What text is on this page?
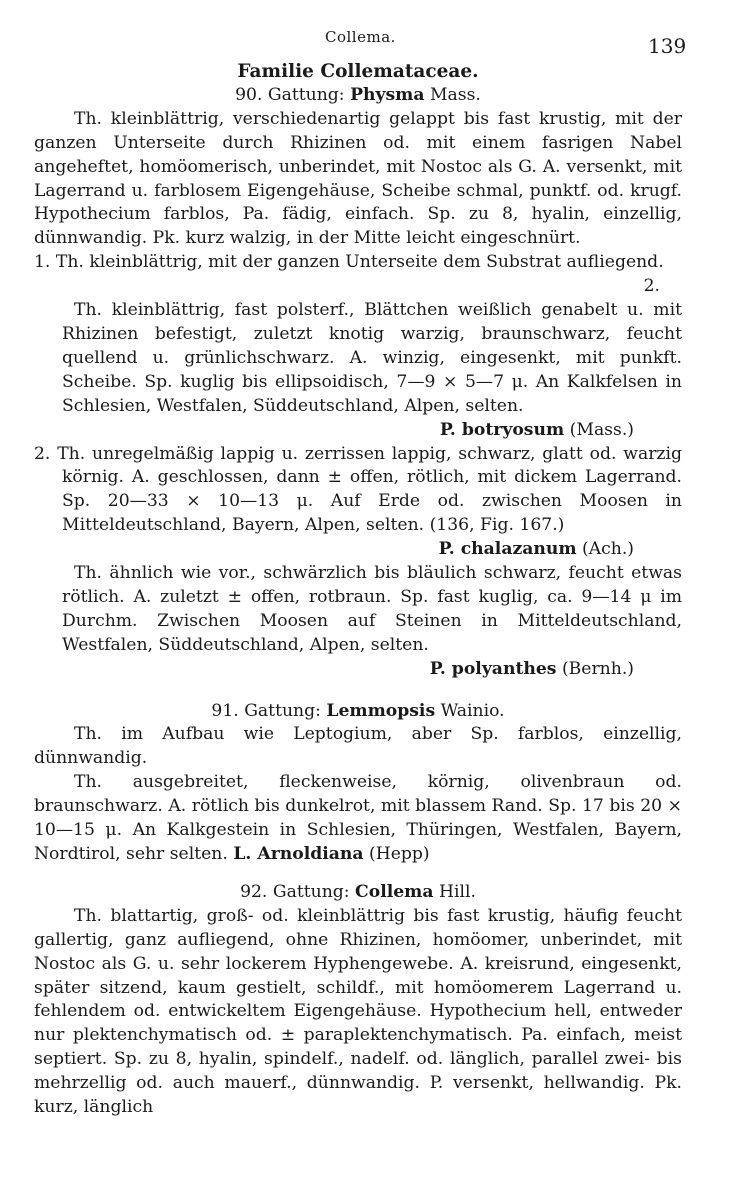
Collema.	139

Familie Collemataceae.

90. Gattung: Physma Mass.

Th. kleinblättrig, verschiedenartig gelappt bis fast krustig, mit der ganzen Unterseite durch Rhizinen od. mit einem fasrigen Nabel angeheftet, homöomerisch, unberindet, mit Nostoc als G. A. versenkt, mit Lagerrand u. farblosem Eigengehäuse, Scheibe schmal, punktf. od. krugf. Hypothecium farblos, Pa. fädig, einfach. Sp. zu 8, hyalin, einzellig, dünnwandig. Pk. kurz walzig, in der Mitte leicht eingeschnürt.

1. Th. kleinblättrig, mit der ganzen Unterseite dem Substrat aufliegend.

2.

Th. kleinblättrig, fast polsterf., Blättchen weißlich genabelt u. mit Rhizinen befestigt, zuletzt knotig warzig, braunschwarz, feucht quellend u. grünlichschwarz. A. winzig, eingesenkt, mit punkft. Scheibe. Sp. kuglig bis ellipsoidisch, 7—9 × 5—7 μ. An Kalkfelsen in Schlesien, Westfalen, Süddeutschland, Alpen, selten.

P. botryosum (Mass.)

2. Th. unregelmäßig lappig u. zerrissen lappig, schwarz, glatt od. warzig körnig. A. geschlossen, dann ± offen, rötlich, mit dickem Lagerrand. Sp. 20—33 × 10—13 μ. Auf Erde od. zwischen Moosen in Mitteldeutschland, Bayern, Alpen, selten. (136, Fig. 167.)

P. chalazanum (Ach.)

Th. ähnlich wie vor., schwärzlich bis bläulich schwarz, feucht etwas rötlich. A. zuletzt ± offen, rotbraun. Sp. fast kuglig, ca. 9—14 μ im Durchm. Zwischen Moosen auf Steinen in Mitteldeutschland, Westfalen, Süddeutschland, Alpen, selten.

P. polyanthes (Bernh.)

91. Gattung: Lemmopsis Wainio.

Th. im Aufbau wie Leptogium, aber Sp. farblos, einzellig, dünnwandig.

Th. ausgebreitet, fleckenweise, körnig, olivenbraun od. braunschwarz. A. rötlich bis dunkelrot, mit blassem Rand. Sp. 17 bis 20 × 10—15 μ. An Kalkgestein in Schlesien, Thüringen, Westfalen, Bayern, Nordtirol, sehr selten. L. Arnoldiana (Hepp)

92. Gattung: Collema Hill.

Th. blattartig, groß- od. kleinblättrig bis fast krustig, häufig feucht gallertig, ganz aufliegend, ohne Rhizinen, homöomer, unberindet, mit Nostoc als G. u. sehr lockerem Hyphengewebe. A. kreisrund, eingesenkt, später sitzend, kaum gestielt, schildf., mit homöomerem Lagerrand u. fehlendem od. entwickeltem Eigengehäuse. Hypothecium hell, entweder nur plektenchymatisch od. ± paraplektenchymatisch. Pa. einfach, meist septiert. Sp. zu 8, hyalin, spindelf., nadelf. od. länglich, parallel zwei- bis mehrzellig od. auch mauerf., dünnwandig. P. versenkt, hellwandig. Pk. kurz, länglich
